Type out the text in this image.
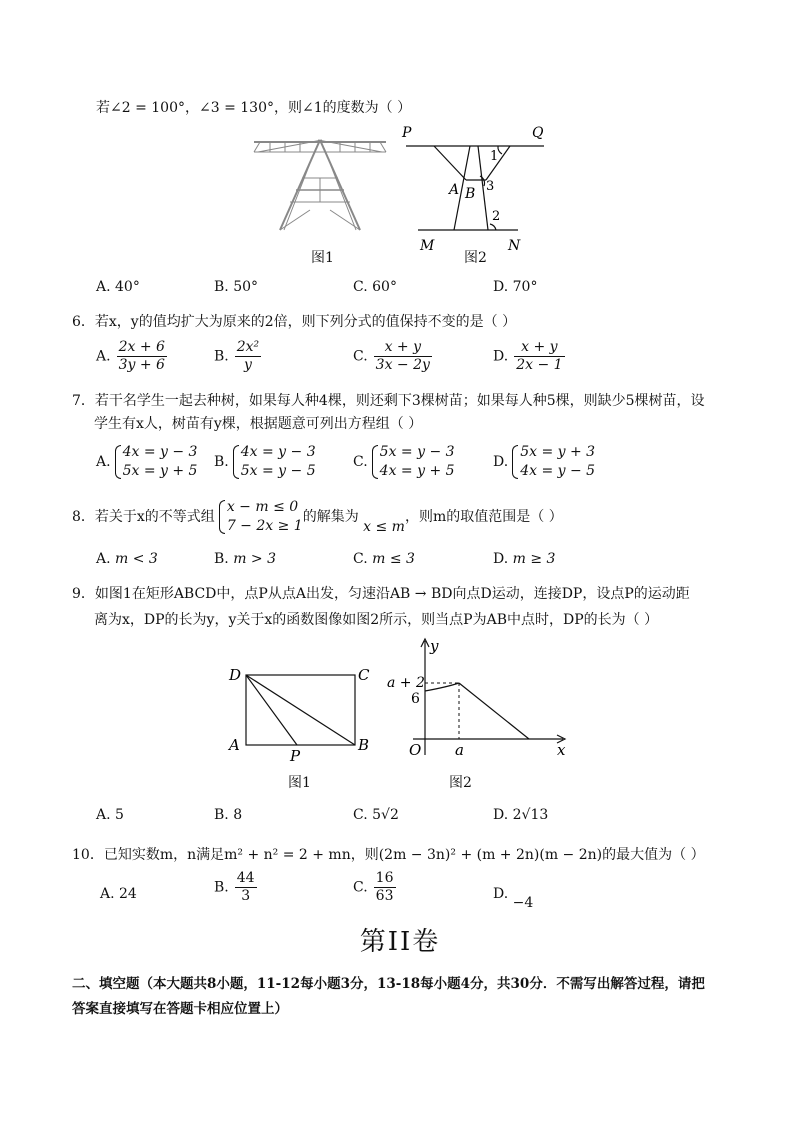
若∠2 = 100°，∠3 = 130°，则∠1的度数为（ ）
图1
P	Q
A B
M	N
1
3
2
图2
A. 40°	B. 50°	C. 60°	D. 70°
6．若x，y的值均扩大为原来的2倍，则下列分式的值保持不变的是（ ）
A. $\frac{2x + 6}{3y + 6}$	B. $\frac{\text{2x²}}{y}$	C. $\frac{x + y}{3x - 2y}$	D. $\frac{x + y}{2x - 1}$
7．若干名学生一起去种树，如果每人种4棵，则还剩下3棵树苗；如果每人种5棵，则缺少5棵树苗，设
学生有x人，树苗有y棵，根据题意可列出方程组（ ）
A.
4x = y − 3
5x = y + 5
B.
4x = y − 3
5x = y − 5
C.
5x = y − 3
4x = y + 5
D.
5x = y + 3
4x = y − 5
8．若关于x的不等式组
x − m ≤ 0
7 − 2x ≥ 1
的解集为 x ≤ m，则m的取值范围是（ ）
A. m < 3	B. m > 3	C. m ≤ 3	D. m ≥ 3
9．如图1在矩形ABCD中，点P从点A出发，匀速沿AB → BD向点D运动，连接DP，设点P的运动距
离为x，DP的长为y，y关于x的函数图像如图2所示，则当点P为AB中点时，DP的长为（ ）
D	C
A	B
P
图1
y
x
O a
a + 2
6
图2
A. 5	B. 8	C. 5√2	D. 2√13
10．已知实数m，n满足m² + n² = 2 + mn，则(2m − 3n)² + (m + 2n)(m − 2n)的最大值为（ ）
A. 24	B. $\frac{44}{3}$	C. $\frac{16}{63}$	D. −4
第II卷
二、填空题（本大题共8小题，11-12每小题3分，13-18每小题4分，共30分．不需写出解答过程，请把
答案直接填写在答题卡相应位置上）
